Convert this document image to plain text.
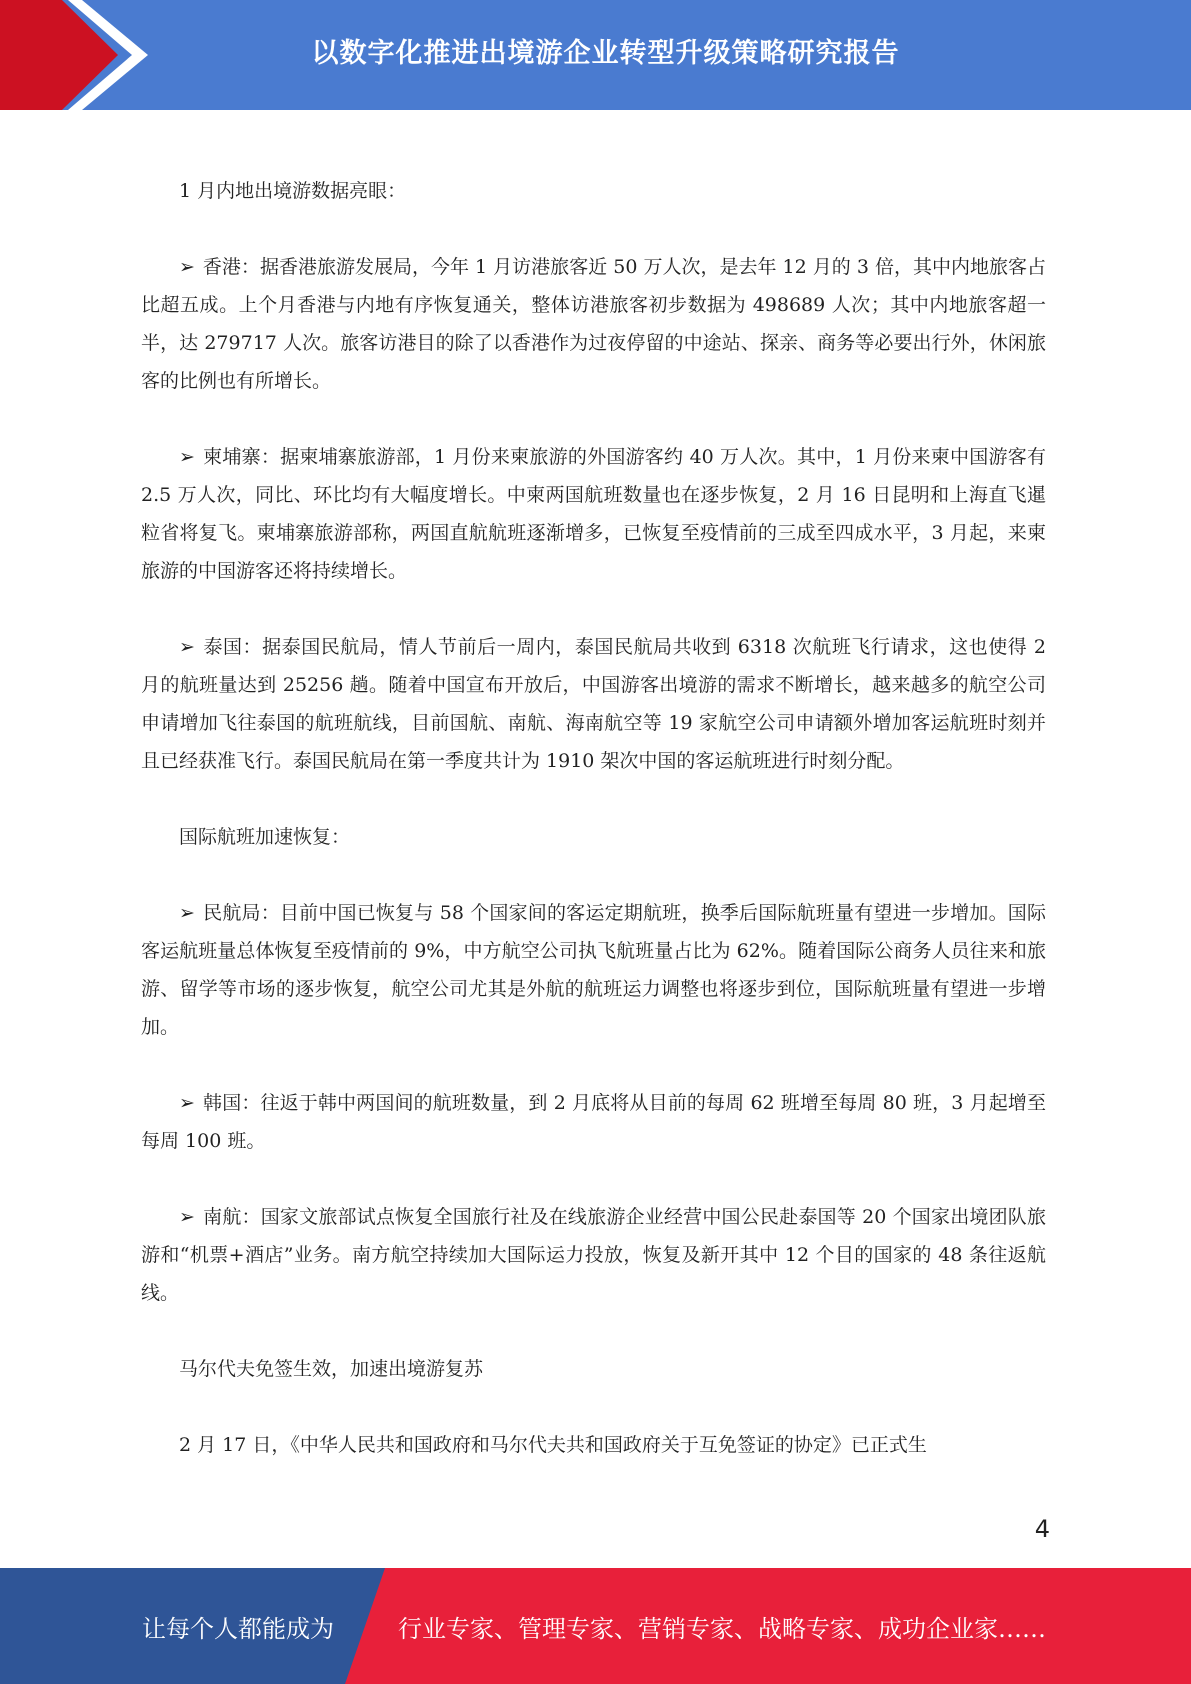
以数字化推进出境游企业转型升级策略研究报告

1 月内地出境游数据亮眼：

➢ 香港：据香港旅游发展局，今年 1 月访港旅客近 50 万人次，是去年 12 月的 3 倍，其中内地旅客占比超五成。上个月香港与内地有序恢复通关，整体访港旅客初步数据为 498689 人次；其中内地旅客超一半，达 279717 人次。旅客访港目的除了以香港作为过夜停留的中途站、探亲、商务等必要出行外，休闲旅客的比例也有所增长。

➢ 柬埔寨：据柬埔寨旅游部，1 月份来柬旅游的外国游客约 40 万人次。其中，1 月份来柬中国游客有 2.5 万人次，同比、环比均有大幅度增长。中柬两国航班数量也在逐步恢复，2 月 16 日昆明和上海直飞暹粒省将复飞。柬埔寨旅游部称，两国直航航班逐渐增多，已恢复至疫情前的三成至四成水平，3 月起，来柬旅游的中国游客还将持续增长。

➢ 泰国：据泰国民航局，情人节前后一周内，泰国民航局共收到 6318 次航班飞行请求，这也使得 2 月的航班量达到 25256 趟。随着中国宣布开放后，中国游客出境游的需求不断增长，越来越多的航空公司申请增加飞往泰国的航班航线，目前国航、南航、海南航空等 19 家航空公司申请额外增加客运航班时刻并且已经获准飞行。泰国民航局在第一季度共计为 1910 架次中国的客运航班进行时刻分配。

国际航班加速恢复：

➢ 民航局：目前中国已恢复与 58 个国家间的客运定期航班，换季后国际航班量有望进一步增加。国际客运航班量总体恢复至疫情前的 9%，中方航空公司执飞航班量占比为 62%。随着国际公商务人员往来和旅游、留学等市场的逐步恢复，航空公司尤其是外航的航班运力调整也将逐步到位，国际航班量有望进一步增加。

➢ 韩国：往返于韩中两国间的航班数量，到 2 月底将从目前的每周 62 班增至每周 80 班，3 月起增至每周 100 班。

➢ 南航：国家文旅部试点恢复全国旅行社及在线旅游企业经营中国公民赴泰国等 20 个国家出境团队旅游和“机票+酒店”业务。南方航空持续加大国际运力投放，恢复及新开其中 12 个目的国家的 48 条往返航线。

马尔代夫免签生效，加速出境游复苏

2 月 17 日，《中华人民共和国政府和马尔代夫共和国政府关于互免签证的协定》已正式生

4
让每个人都能成为	行业专家、管理专家、营销专家、战略专家、成功企业家……
